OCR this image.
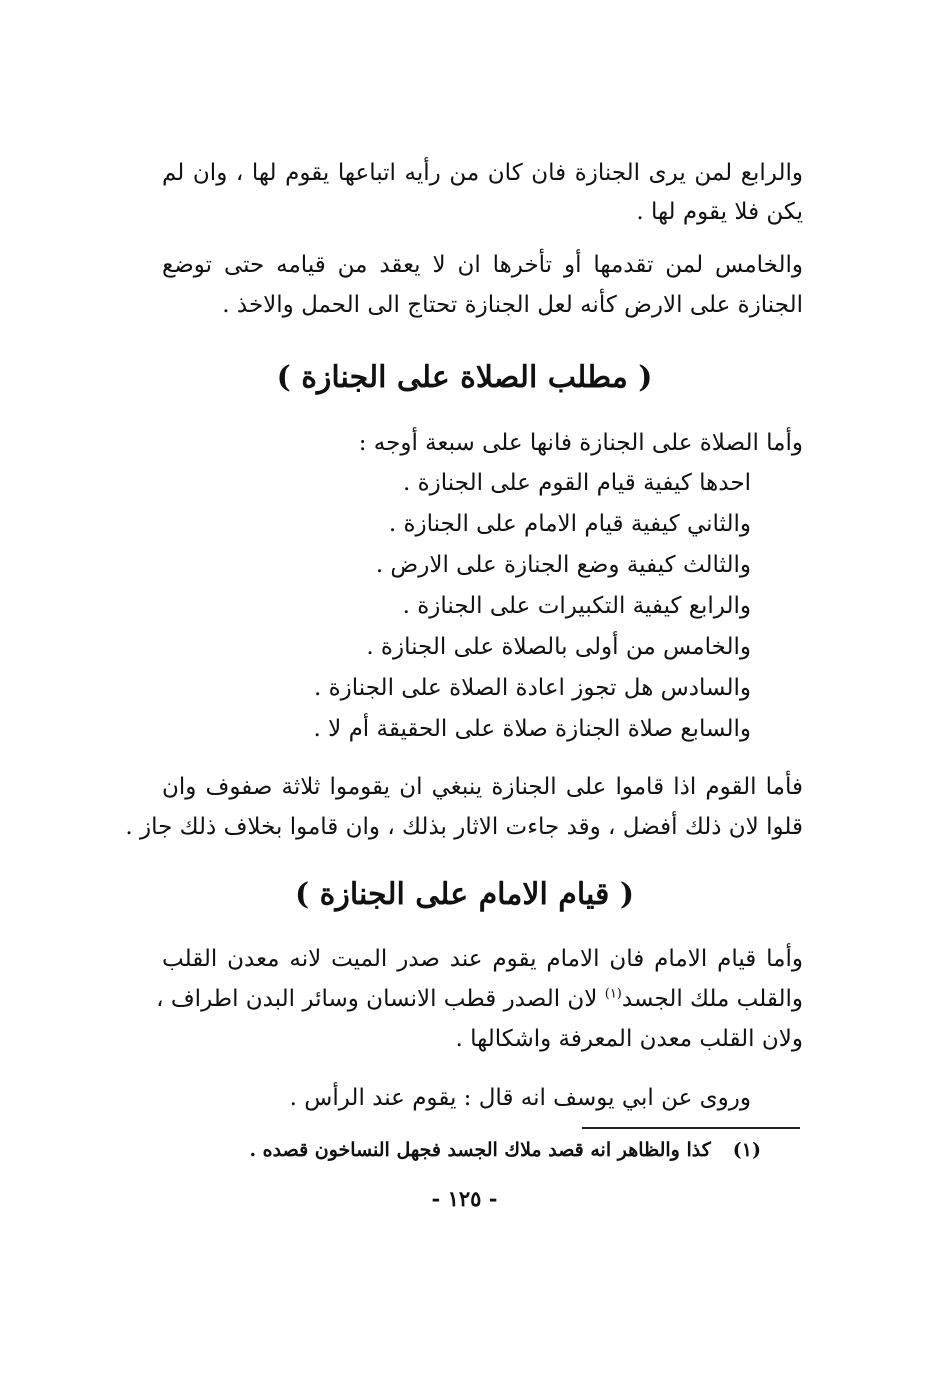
والرابع لمن يرى الجنازة فان كان من رأيه اتباعها يقوم لها ، وان لم
يكن فلا يقوم لها .
والخامس لمن تقدمها أو تأخرها ان لا يعقد من قيامه حتى توضع
الجنازة على الارض كأنه لعل الجنازة تحتاج الى الحمل والاخذ .
( مطلب الصلاة على الجنازة )
وأما الصلاة على الجنازة فانها على سبعة أوجه :
احدها كيفية قيام القوم على الجنازة .
والثاني كيفية قيام الامام على الجنازة .
والثالث كيفية وضع الجنازة على الارض .
والرابع كيفية التكبيرات على الجنازة .
والخامس من أولى بالصلاة على الجنازة .
والسادس هل تجوز اعادة الصلاة على الجنازة .
والسابع صلاة الجنازة صلاة على الحقيقة أم لا .
فأما القوم اذا قاموا على الجنازة ينبغي ان يقوموا ثلاثة صفوف وان
قلوا لان ذلك أفضل ، وقد جاءت الاثار بذلك ، وان قاموا بخلاف ذلك جاز .
( قيام الامام على الجنازة )
وأما قيام الامام فان الامام يقوم عند صدر الميت لانه معدن القلب
والقلب ملك الجسد$^{(١)}$ لان الصدر قطب الانسان وسائر البدن اطراف ،
ولان القلب معدن المعرفة واشكالها .
وروى عن ابي يوسف انه قال : يقوم عند الرأس .
(١)كذا والظاهر انه قصد ملاك الجسد فجهل النساخون قصده .
- ١٢٥ -
